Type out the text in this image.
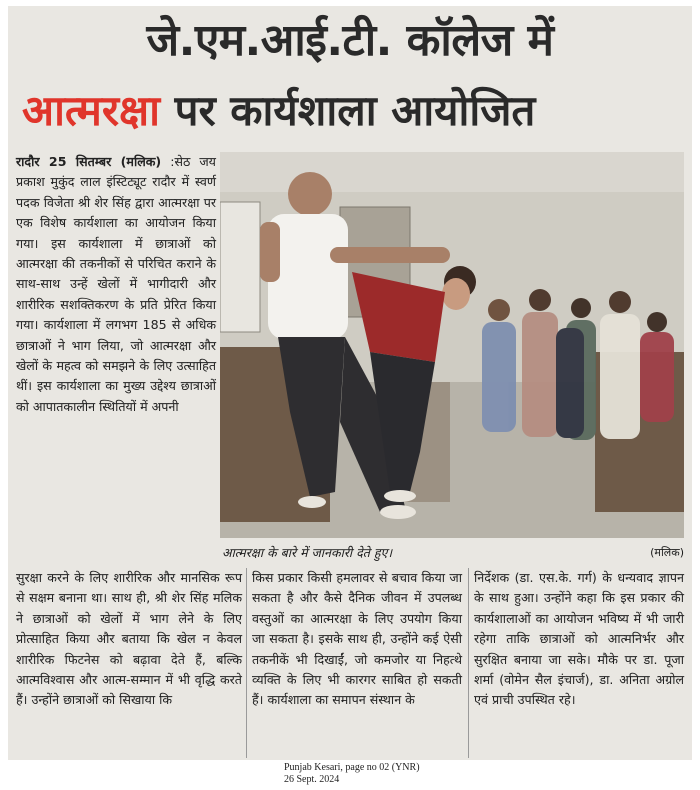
जे.एम.आई.टी. कॉलेज में
आत्मरक्षा पर कार्यशाला आयोजित
रादौर 25 सितम्बर (मलिक) :सेठ जय प्रकाश मुकुंद लाल इंस्टिट्यूट रादौर में स्वर्ण पदक विजेता श्री शेर सिंह द्वारा आत्मरक्षा पर एक विशेष कार्यशाला का आयोजन किया गया। इस कार्यशाला में छात्राओं को आत्मरक्षा की तकनीकों से परिचित कराने के साथ-साथ उन्हें खेलों में भागीदारी और शारीरिक सशक्तिकरण के प्रति प्रेरित किया गया। कार्यशाला में लगभग 185 से अधिक छात्राओं ने भाग लिया, जो आत्मरक्षा और खेलों के महत्व को समझने के लिए उत्साहित थीं। इस कार्यशाला का मुख्य उद्देश्य छात्राओं को आपातकालीन स्थितियों में अपनी
आत्मरक्षा के बारे में जानकारी देते हुए।	(मलिक)
सुरक्षा करने के लिए शारीरिक और मानसिक रूप से सक्षम बनाना था। साथ ही, श्री शेर सिंह मलिक ने छात्राओं को खेलों में भाग लेने के लिए प्रोत्साहित किया और बताया कि खेल न केवल शारीरिक फिटनेस को बढ़ावा देते हैं, बल्कि आत्मविश्वास और आत्म-सम्मान में भी वृद्धि करते हैं। उन्होंने छात्राओं को सिखाया कि
किस प्रकार किसी हमलावर से बचाव किया जा सकता है और कैसे दैनिक जीवन में उपलब्ध वस्तुओं का आत्मरक्षा के लिए उपयोग किया जा सकता है। इसके साथ ही, उन्होंने कई ऐसी तकनीकें भी दिखाईं, जो कमजोर या निहत्थे व्यक्ति के लिए भी कारगर साबित हो सकती हैं। कार्यशाला का समापन संस्थान के
निर्देशक (डा. एस.के. गर्ग) के धन्यवाद ज्ञापन के साथ हुआ। उन्होंने कहा कि इस प्रकार की कार्यशालाओं का आयोजन भविष्य में भी जारी रहेगा ताकि छात्राओं को आत्मनिर्भर और सुरक्षित बनाया जा सके। मौके पर डा. पूजा शर्मा (वोमेन सैल इंचार्ज), डा. अनिता अग्रोल एवं प्राची उपस्थित रहे।
Punjab Kesari, page no 02 (YNR)
26 Sept. 2024
